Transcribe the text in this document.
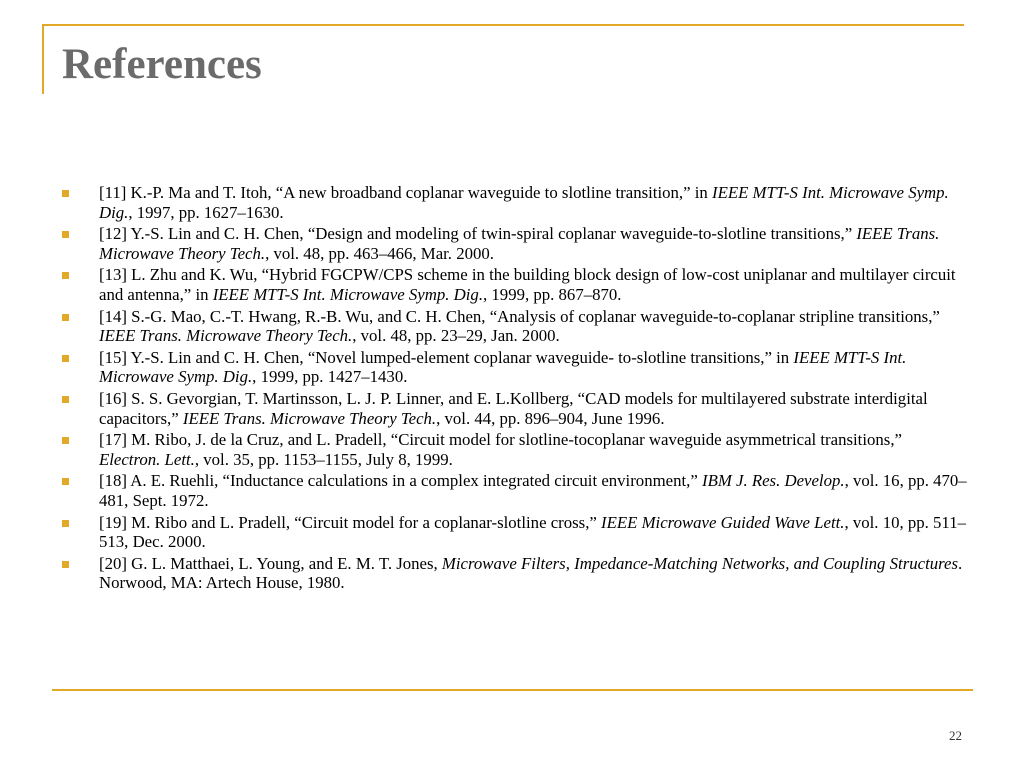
References
[11] K.-P. Ma and T. Itoh, “A new broadband coplanar waveguide to slotline transition,” in IEEE MTT-S Int. Microwave Symp. Dig., 1997, pp. 1627–1630.
[12] Y.-S. Lin and C. H. Chen, “Design and modeling of twin-spiral coplanar waveguide-to-slotline transitions,” IEEE Trans. Microwave Theory Tech., vol. 48, pp. 463–466, Mar. 2000.
[13] L. Zhu and K. Wu, “Hybrid FGCPW/CPS scheme in the building block design of low-cost uniplanar and multilayer circuit and antenna,” in IEEE MTT-S Int. Microwave Symp. Dig., 1999, pp. 867–870.
[14] S.-G. Mao, C.-T. Hwang, R.-B. Wu, and C. H. Chen, “Analysis of coplanar waveguide-to-coplanar stripline transitions,” IEEE Trans. Microwave Theory Tech., vol. 48, pp. 23–29, Jan. 2000.
[15] Y.-S. Lin and C. H. Chen, “Novel lumped-element coplanar waveguide- to-slotline transitions,” in IEEE MTT-S Int. Microwave Symp. Dig., 1999, pp. 1427–1430.
[16] S. S. Gevorgian, T. Martinsson, L. J. P. Linner, and E. L.Kollberg, “CAD models for multilayered substrate interdigital capacitors,” IEEE Trans. Microwave Theory Tech., vol. 44, pp. 896–904, June 1996.
[17] M. Ribo, J. de la Cruz, and L. Pradell, “Circuit model for slotline-tocoplanar waveguide asymmetrical transitions,” Electron. Lett., vol. 35, pp. 1153–1155, July 8, 1999.
[18] A. E. Ruehli, “Inductance calculations in a complex integrated circuit environment,” IBM J. Res. Develop., vol. 16, pp. 470–481, Sept. 1972.
[19] M. Ribo and L. Pradell, “Circuit model for a coplanar-slotline cross,” IEEE Microwave Guided Wave Lett., vol. 10, pp. 511–513, Dec. 2000.
[20] G. L. Matthaei, L. Young, and E. M. T. Jones, Microwave Filters, Impedance-Matching Networks, and Coupling Structures. Norwood, MA: Artech House, 1980.
22
